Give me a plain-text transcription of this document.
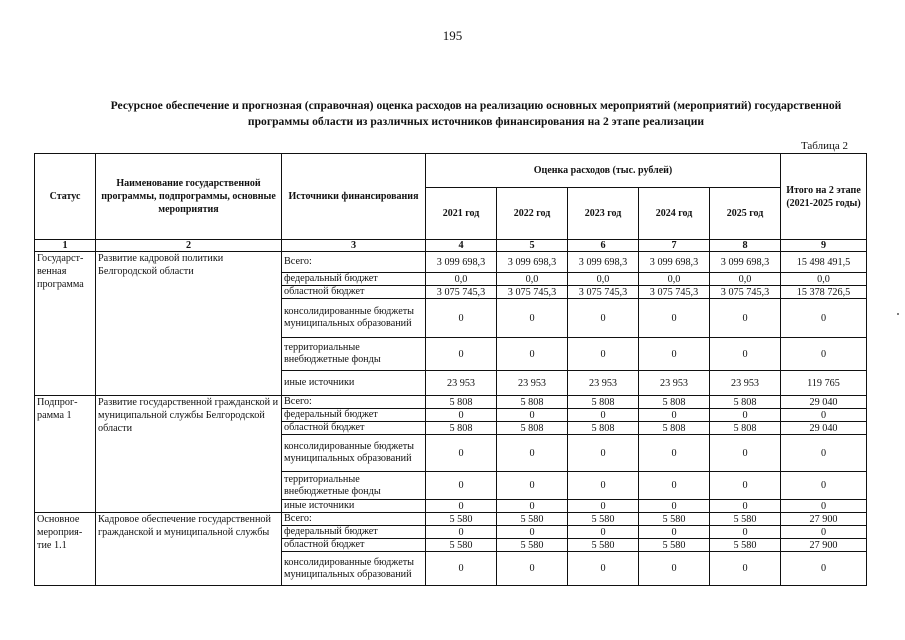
195
Ресурсное обеспечение и прогнозная (справочная) оценка расходов на реализацию основных мероприятий (мероприятий) государственной
программы области из различных источников финансирования на 2 этапе реализации
Таблица 2
Статус	Наименование государственной программы, подпрограммы, основные мероприятия	Источники финансирования	Оценка расходов (тыс. рублей)					Итого на 2 этапе (2021-2025 годы)
			2021 год	2022 год	2023 год	2024 год	2025 год	
1	2	3	4	5	6	7	8	9
Государст-венная программа	Развитие кадровой политики Белгородской области	Всего:	3 099 698,3	3 099 698,3	3 099 698,3	3 099 698,3	3 099 698,3	15 498 491,5
		федеральный бюджет	0,0	0,0	0,0	0,0	0,0	0,0
		областной бюджет	3 075 745,3	3 075 745,3	3 075 745,3	3 075 745,3	3 075 745,3	15 378 726,5
		консолидированные бюджеты муниципальных образований	0	0	0	0	0	0
		территориальные внебюджетные фонды	0	0	0	0	0	0
		иные источники	23 953	23 953	23 953	23 953	23 953	119 765
Подпрог-рамма 1	Развитие государственной гражданской и муниципальной службы Белгородской области	Всего:	5 808	5 808	5 808	5 808	5 808	29 040
		федеральный бюджет	0	0	0	0	0	0
		областной бюджет	5 808	5 808	5 808	5 808	5 808	29 040
		консолидированные бюджеты муниципальных образований	0	0	0	0	0	0
		территориальные внебюджетные фонды	0	0	0	0	0	0
		иные источники	0	0	0	0	0	0
Основное мероприя-тие 1.1	Кадровое обеспечение государственной гражданской и муниципальной службы	Всего:	5 580	5 580	5 580	5 580	5 580	27 900
		федеральный бюджет	0	0	0	0	0	0
		областной бюджет	5 580	5 580	5 580	5 580	5 580	27 900
		консолидированные бюджеты муниципальных образований	0	0	0	0	0	0
